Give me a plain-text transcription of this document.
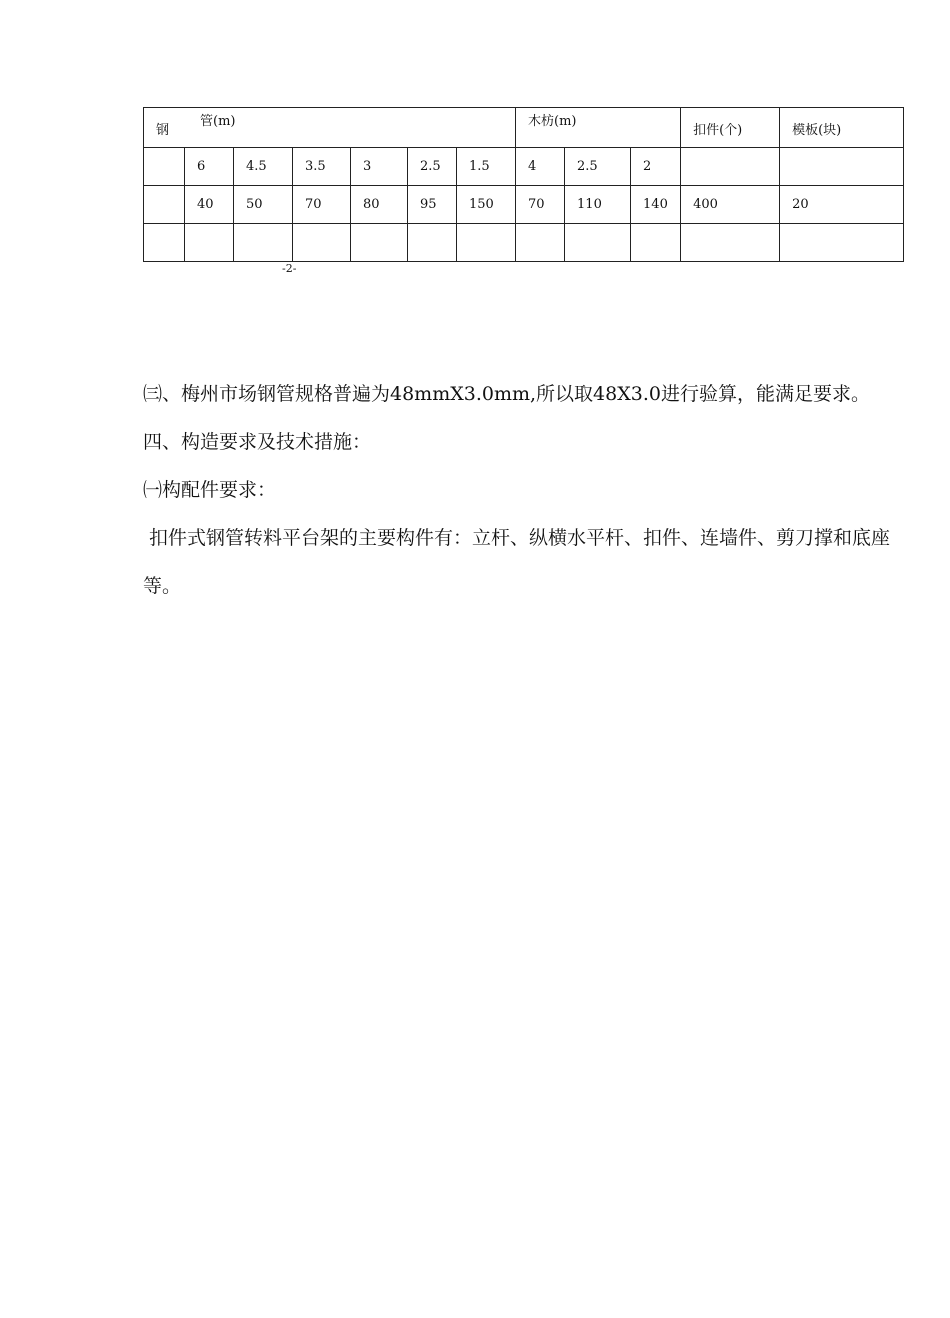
钢管(m)							木枋(m)			扣件(个)	模板(块)
	6	4.5	3.5	3	2.5	1.5	4	2.5	2		
	40	50	70	80	95	150	70	110	140	400	20

-2-

㈢、梅州市场钢管规格普遍为48mmX3.0mm,所以取48X3.0进行验算，能满足要求。

四、构造要求及技术措施：

㈠构配件要求：

扣件式钢管转料平台架的主要构件有：立杆、纵横水平杆、扣件、连墙件、剪刀撑和底座等。
